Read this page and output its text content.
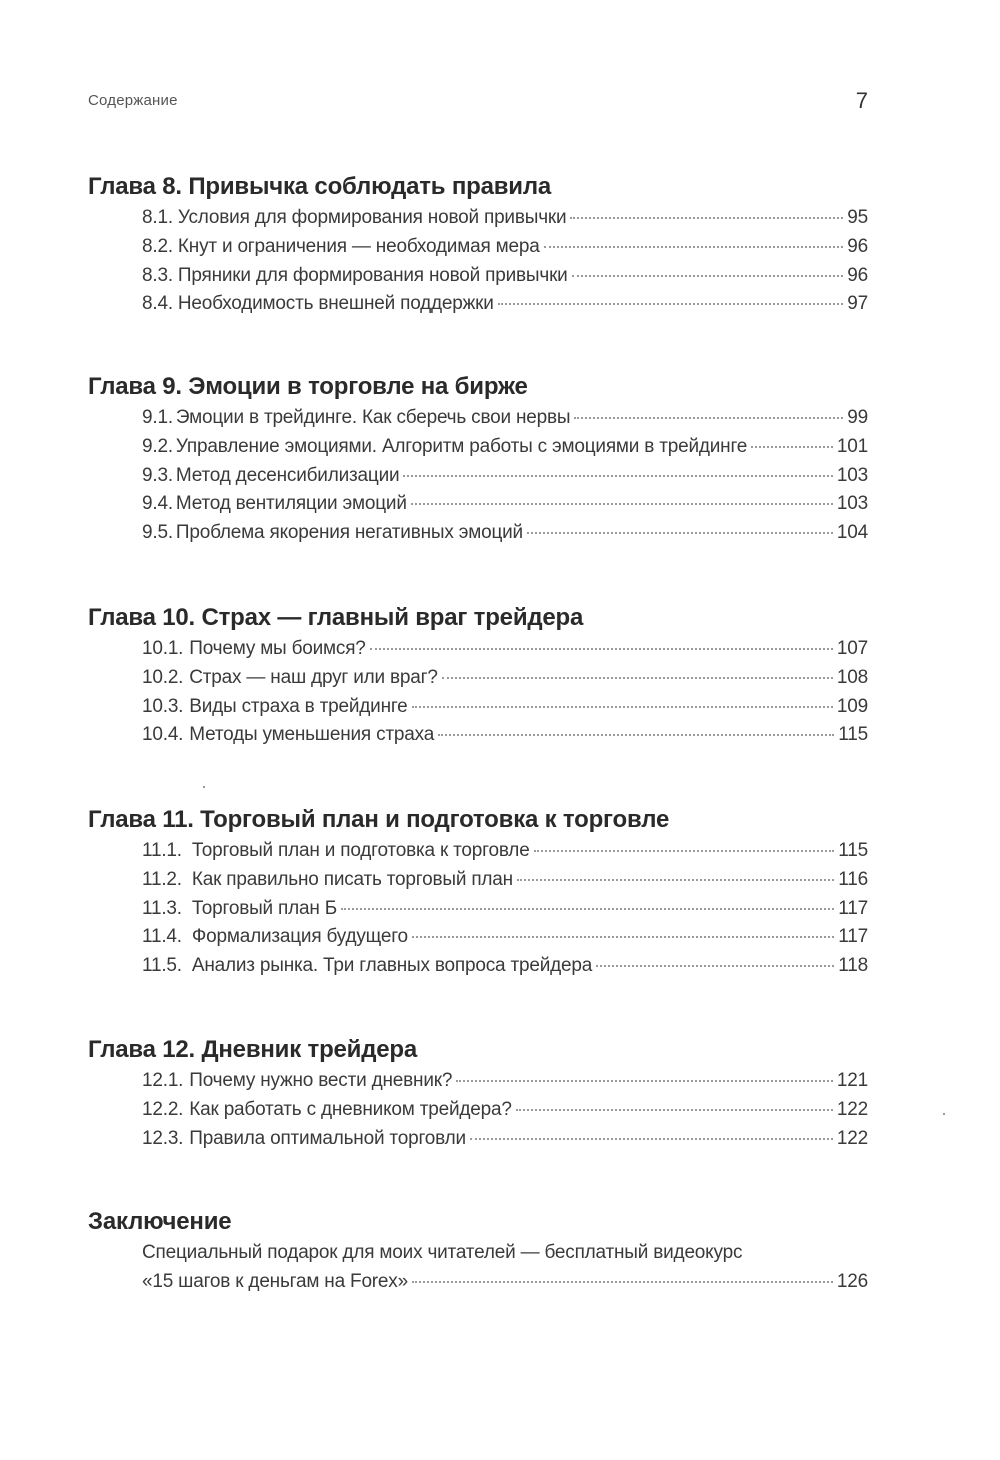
Содержание	7
Глава 8. Привычка соблюдать правила
8.1. Условия для формирования новой привычки	95
8.2. Кнут и ограничения — необходимая мера	96
8.3. Пряники для формирования новой привычки	96
8.4. Необходимость внешней поддержки	97
Глава 9. Эмоции в торговле на бирже
9.1. Эмоции в трейдинге. Как сберечь свои нервы	99
9.2. Управление эмоциями. Алгоритм работы с эмоциями в трейдинге	101
9.3. Метод десенсибилизации	103
9.4. Метод вентиляции эмоций	103
9.5. Проблема якорения негативных эмоций	104
Глава 10. Страх — главный враг трейдера
10.1. Почему мы боимся?	107
10.2. Страх — наш друг или враг?	108
10.3. Виды страха в трейдинге	109
10.4. Методы уменьшения страха	115
Глава 11. Торговый план и подготовка к торговле
11.1. Торговый план и подготовка к торговле	115
11.2. Как правильно писать торговый план	116
11.3. Торговый план Б	117
11.4. Формализация будущего	117
11.5. Анализ рынка. Три главных вопроса трейдера	118
Глава 12. Дневник трейдера
12.1. Почему нужно вести дневник?	121
12.2. Как работать с дневником трейдера?	122
12.3. Правила оптимальной торговли	122
Заключение
Специальный подарок для моих читателей — бесплатный видеокурс
«15 шагов к деньгам на Forex»	126
